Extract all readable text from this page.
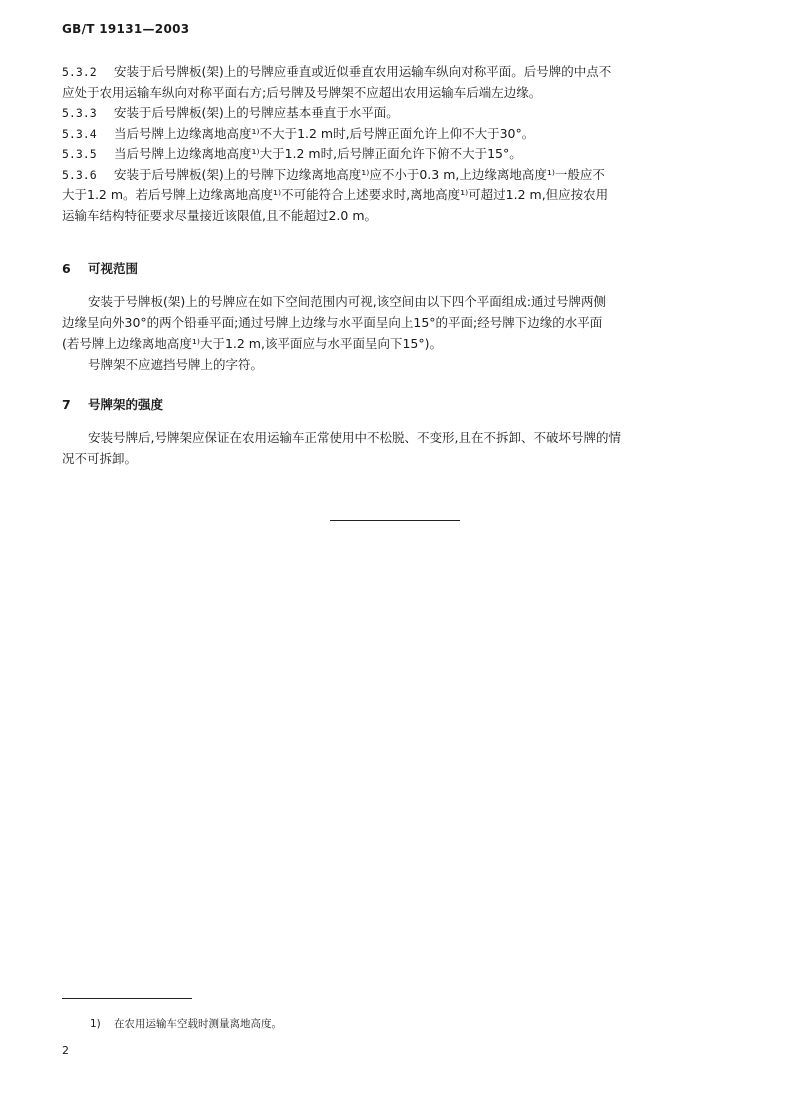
GB/T 19131—2003

5.3.2 安装于后号牌板(架)上的号牌应垂直或近似垂直农用运输车纵向对称平面。后号牌的中点不

应处于农用运输车纵向对称平面右方;后号牌及号牌架不应超出农用运输车后端左边缘。

5.3.3 安装于后号牌板(架)上的号牌应基本垂直于水平面。

5.3.4 当后号牌上边缘离地高度¹⁾不大于1.2 m时,后号牌正面允许上仰不大于30°。

5.3.5 当后号牌上边缘离地高度¹⁾大于1.2 m时,后号牌正面允许下俯不大于15°。

5.3.6 安装于后号牌板(架)上的号牌下边缘离地高度¹⁾应不小于0.3 m,上边缘离地高度¹⁾一般应不

大于1.2 m。若后号牌上边缘离地高度¹⁾不可能符合上述要求时,离地高度¹⁾可超过1.2 m,但应按农用

运输车结构特征要求尽量接近该限值,且不能超过2.0 m。

6 可视范围

安装于号牌板(架)上的号牌应在如下空间范围内可视,该空间由以下四个平面组成:通过号牌两侧

边缘呈向外30°的两个铅垂平面;通过号牌上边缘与水平面呈向上15°的平面;经号牌下边缘的水平面

(若号牌上边缘离地高度¹⁾大于1.2 m,该平面应与水平面呈向下15°)。

号牌架不应遮挡号牌上的字符。

7 号牌架的强度

安装号牌后,号牌架应保证在农用运输车正常使用中不松脱、不变形,且在不拆卸、不破坏号牌的情

况不可拆卸。

1) 在农用运输车空载时测量离地高度。
2
